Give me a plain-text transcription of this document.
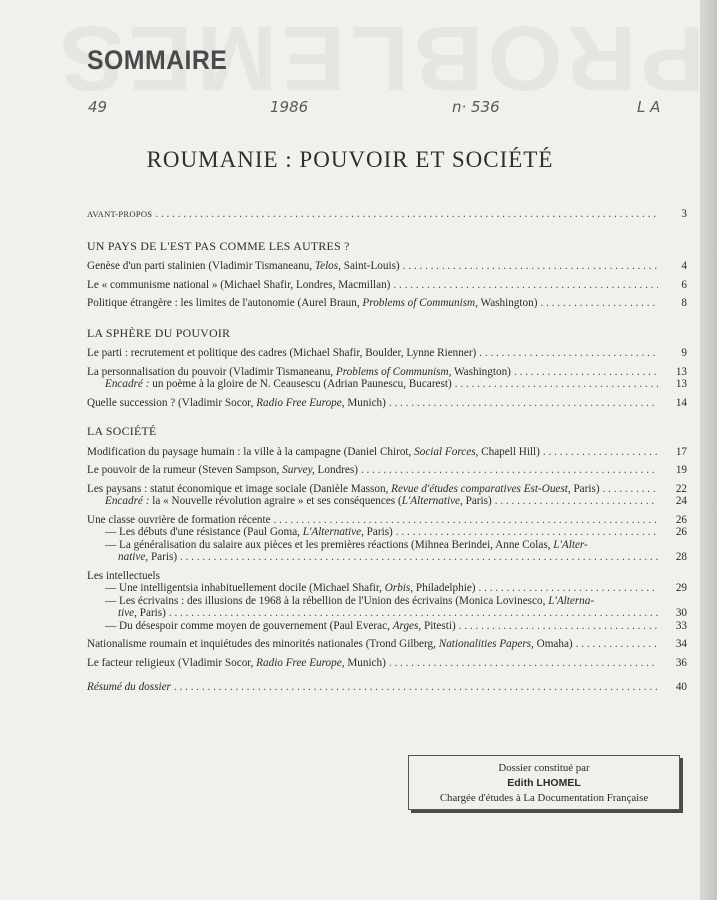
SOMMAIRE
49	1986	n· 536	L A
ROUMANIE : POUVOIR ET SOCIÉTÉ
AVANT-PROPOS . . .	3
UN PAYS DE L'EST PAS COMME LES AUTRES ?
Genèse d'un parti stalinien (Vladimir Tismaneanu, Telos, Saint-Louis) . . .	4
Le « communisme national » (Michael Shafir, Londres, Macmillan) . . .	6
Politique étrangère : les limites de l'autonomie (Aurel Braun, Problems of Communism, Washington) . . .	8
LA SPHÈRE DU POUVOIR
Le parti : recrutement et politique des cadres (Michael Shafir, Boulder, Lynne Rienner) . . .	9
La personnalisation du pouvoir (Vladimir Tismaneanu, Problems of Communism, Washington) . . .	13
Encadré : un poème à la gloire de N. Ceausescu (Adrian Paunescu, Bucarest) . . .	13
Quelle succession ? (Vladimir Socor, Radio Free Europe, Munich) . . .	14
LA SOCIÉTÉ
Modification du paysage humain : la ville à la campagne (Daniel Chirot, Social Forces, Chapell Hill) . . .	17
Le pouvoir de la rumeur (Steven Sampson, Survey, Londres) . . .	19
Les paysans : statut économique et image sociale (Danièle Masson, Revue d'études comparatives Est-Ouest, Paris) . . .	22
Encadré : la « Nouvelle révolution agraire » et ses conséquences (L'Alternative, Paris) . . .	24
Une classe ouvrière de formation récente . . .	26
— Les débuts d'une résistance (Paul Goma, L'Alternative, Paris) . . .	26
— La généralisation du salaire aux pièces et les premières réactions (Mihnea Berindei, Anne Colas, L'Alter-
native, Paris) . . .	28
Les intellectuels
— Une intelligentsia inhabituellement docile (Michael Shafir, Orbis, Philadelphie) . . .	29
— Les écrivains : des illusions de 1968 à la rébellion de l'Union des écrivains (Monica Lovinesco, L'Alterna-
tive, Paris) . . .	30
— Du désespoir comme moyen de gouvernement (Paul Everac, Arges, Pitesti) . . .	33
Nationalisme roumain et inquiétudes des minorités nationales (Trond Gilberg, Nationalities Papers, Omaha) . . .	34
Le facteur religieux (Vladimir Socor, Radio Free Europe, Munich) . . .	36
Résumé du dossier . . .	40
Dossier constitué par
Edith LHOMEL
Chargée d'études à La Documentation Française
